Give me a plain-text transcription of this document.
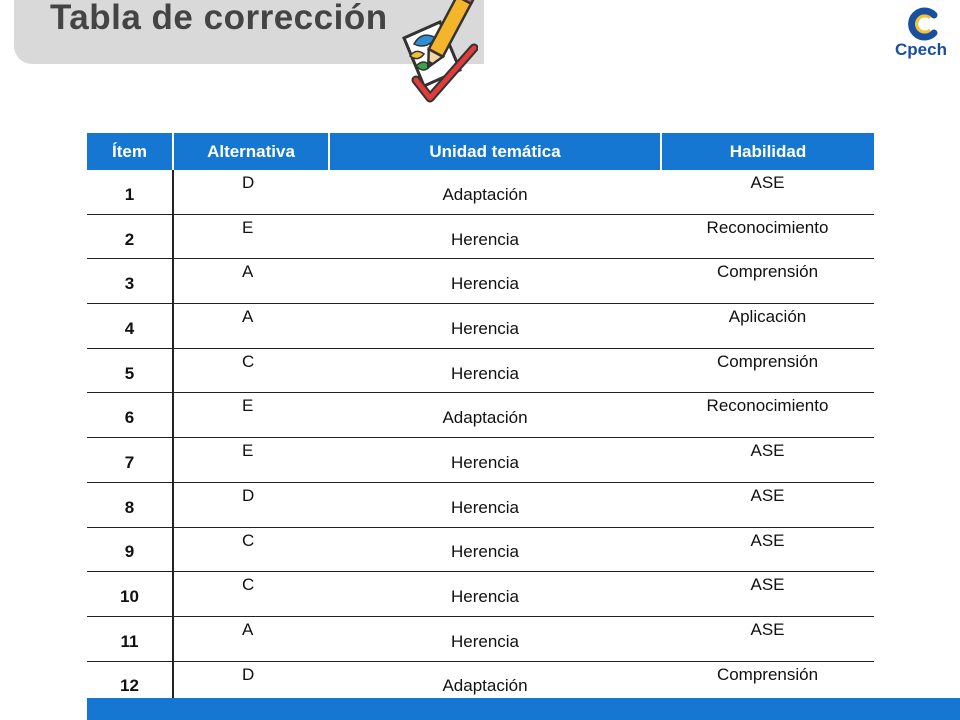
Tabla de corrección
Cpech
Ítem	Alternativa	Unidad temática	Habilidad
1	D	Adaptación	ASE
2	E	Herencia	Reconocimiento
3	A	Herencia	Comprensión
4	A	Herencia	Aplicación
5	C	Herencia	Comprensión
6	E	Adaptación	Reconocimiento
7	E	Herencia	ASE
8	D	Herencia	ASE
9	C	Herencia	ASE
10	C	Herencia	ASE
11	A	Herencia	ASE
12	D	Adaptación	Comprensión
